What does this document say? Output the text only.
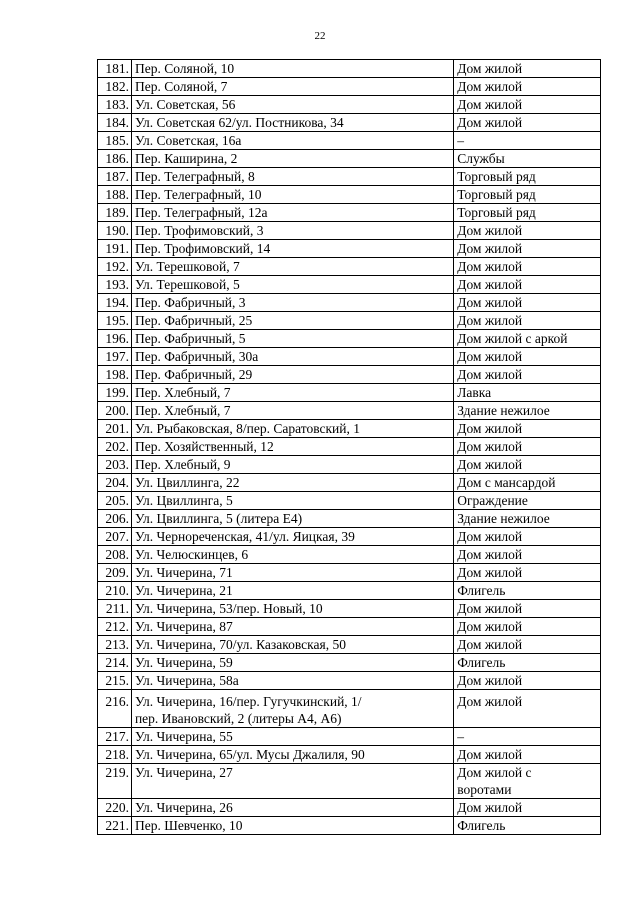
22
181.	Пер. Соляной, 10	Дом жилой

182.	Пер. Соляной, 7	Дом жилой

183.	Ул. Советская, 56	Дом жилой

184.	Ул. Советская 62/ул. Постникова, 34	Дом жилой

185.	Ул. Советская, 16а	–

186.	Пер. Каширина, 2	Службы

187.	Пер. Телеграфный, 8	Торговый ряд

188.	Пер. Телеграфный, 10	Торговый ряд

189.	Пер. Телеграфный, 12а	Торговый ряд

190.	Пер. Трофимовский, 3	Дом жилой

191.	Пер. Трофимовский, 14	Дом жилой

192.	Ул. Терешковой, 7	Дом жилой

193.	Ул. Терешковой, 5	Дом жилой

194.	Пер. Фабричный, 3	Дом жилой

195.	Пер. Фабричный, 25	Дом жилой

196.	Пер. Фабричный, 5	Дом жилой с аркой

197.	Пер. Фабричный, 30а	Дом жилой

198.	Пер. Фабричный, 29	Дом жилой

199.	Пер. Хлебный, 7	Лавка

200.	Пер. Хлебный, 7	Здание нежилое

201.	Ул. Рыбаковская, 8/пер. Саратовский, 1	Дом жилой

202.	Пер. Хозяйственный, 12	Дом жилой

203.	Пер. Хлебный, 9	Дом жилой

204.	Ул. Цвиллинга, 22	Дом с мансардой

205.	Ул. Цвиллинга, 5	Ограждение

206.	Ул. Цвиллинга, 5 (литера Е4)	Здание нежилое

207.	Ул. Чернореченская, 41/ул. Яицкая, 39	Дом жилой

208.	Ул. Челюскинцев, 6	Дом жилой

209.	Ул. Чичерина, 71	Дом жилой

210.	Ул. Чичерина, 21	Флигель

211.	Ул. Чичерина, 53/пер. Новый, 10	Дом жилой

212.	Ул. Чичерина, 87	Дом жилой

213.	Ул. Чичерина, 70/ул. Казаковская, 50	Дом жилой

214.	Ул. Чичерина, 59	Флигель

215.	Ул. Чичерина, 58а	Дом жилой

216.	Ул. Чичерина, 16/пер. Гугучкинский, 1/
пер. Ивановский, 2 (литеры А4, А6)	Дом жилой

217.	Ул. Чичерина, 55	–

218.	Ул. Чичерина, 65/ул. Мусы Джалиля, 90	Дом жилой

219.	Ул. Чичерина, 27	Дом жилой с
воротами

220.	Ул. Чичерина, 26	Дом жилой

221.	Пер. Шевченко, 10	Флигель
